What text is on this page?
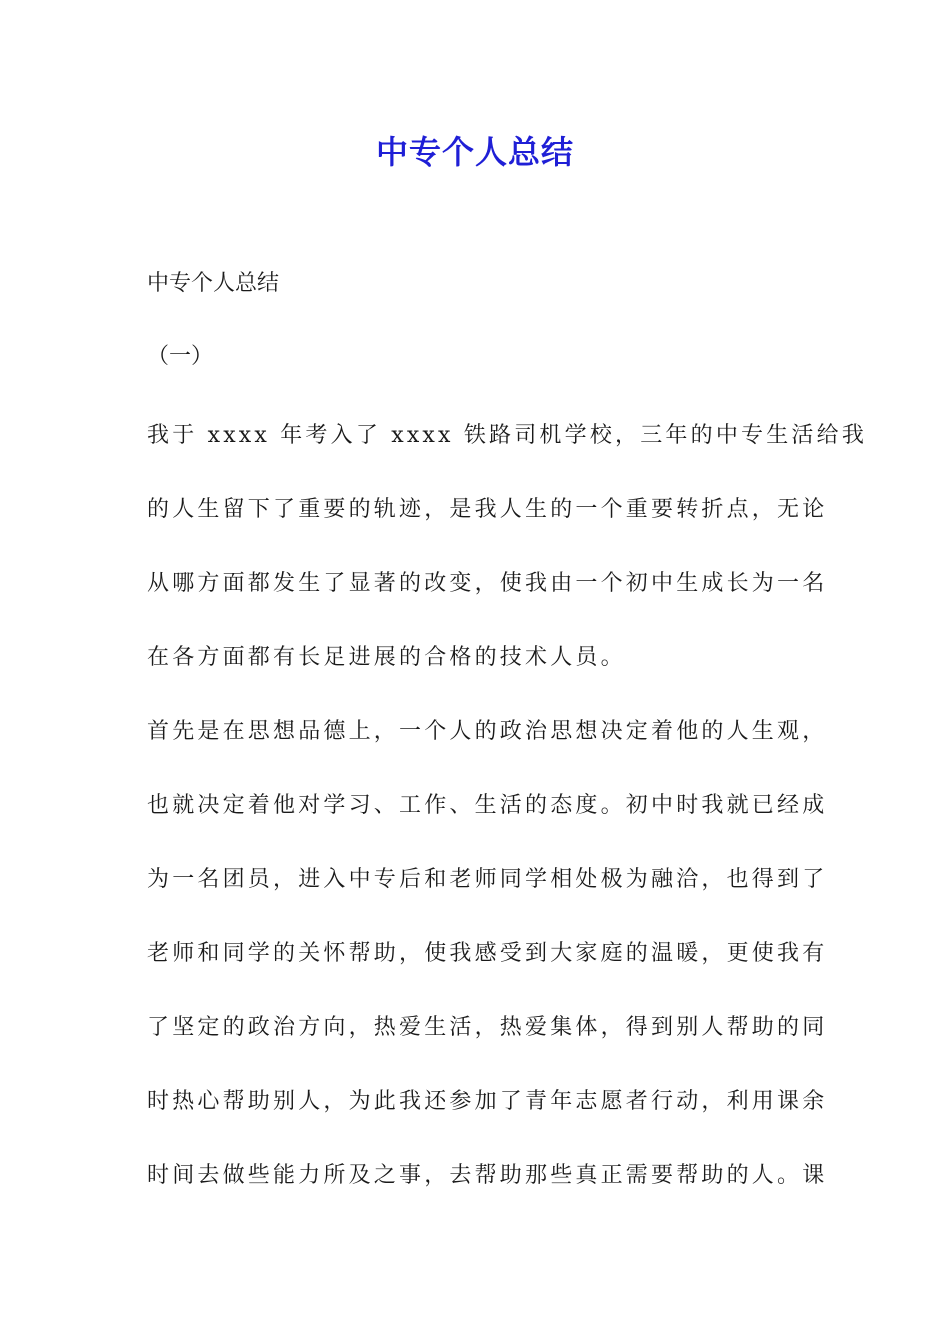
中专个人总结

中专个人总结

（一）

我于 xxxx 年考入了 xxxx 铁路司机学校，三年的中专生活给我
的人生留下了重要的轨迹，是我人生的一个重要转折点，无论
从哪方面都发生了显著的改变，使我由一个初中生成长为一名
在各方面都有长足进展的合格的技术人员。
首先是在思想品德上，一个人的政治思想决定着他的人生观，
也就决定着他对学习、工作、生活的态度。初中时我就已经成
为一名团员，进入中专后和老师同学相处极为融洽，也得到了
老师和同学的关怀帮助，使我感受到大家庭的温暖，更使我有
了坚定的政治方向，热爱生活，热爱集体，得到别人帮助的同
时热心帮助别人，为此我还参加了青年志愿者行动，利用课余
时间去做些能力所及之事，去帮助那些真正需要帮助的人。课
